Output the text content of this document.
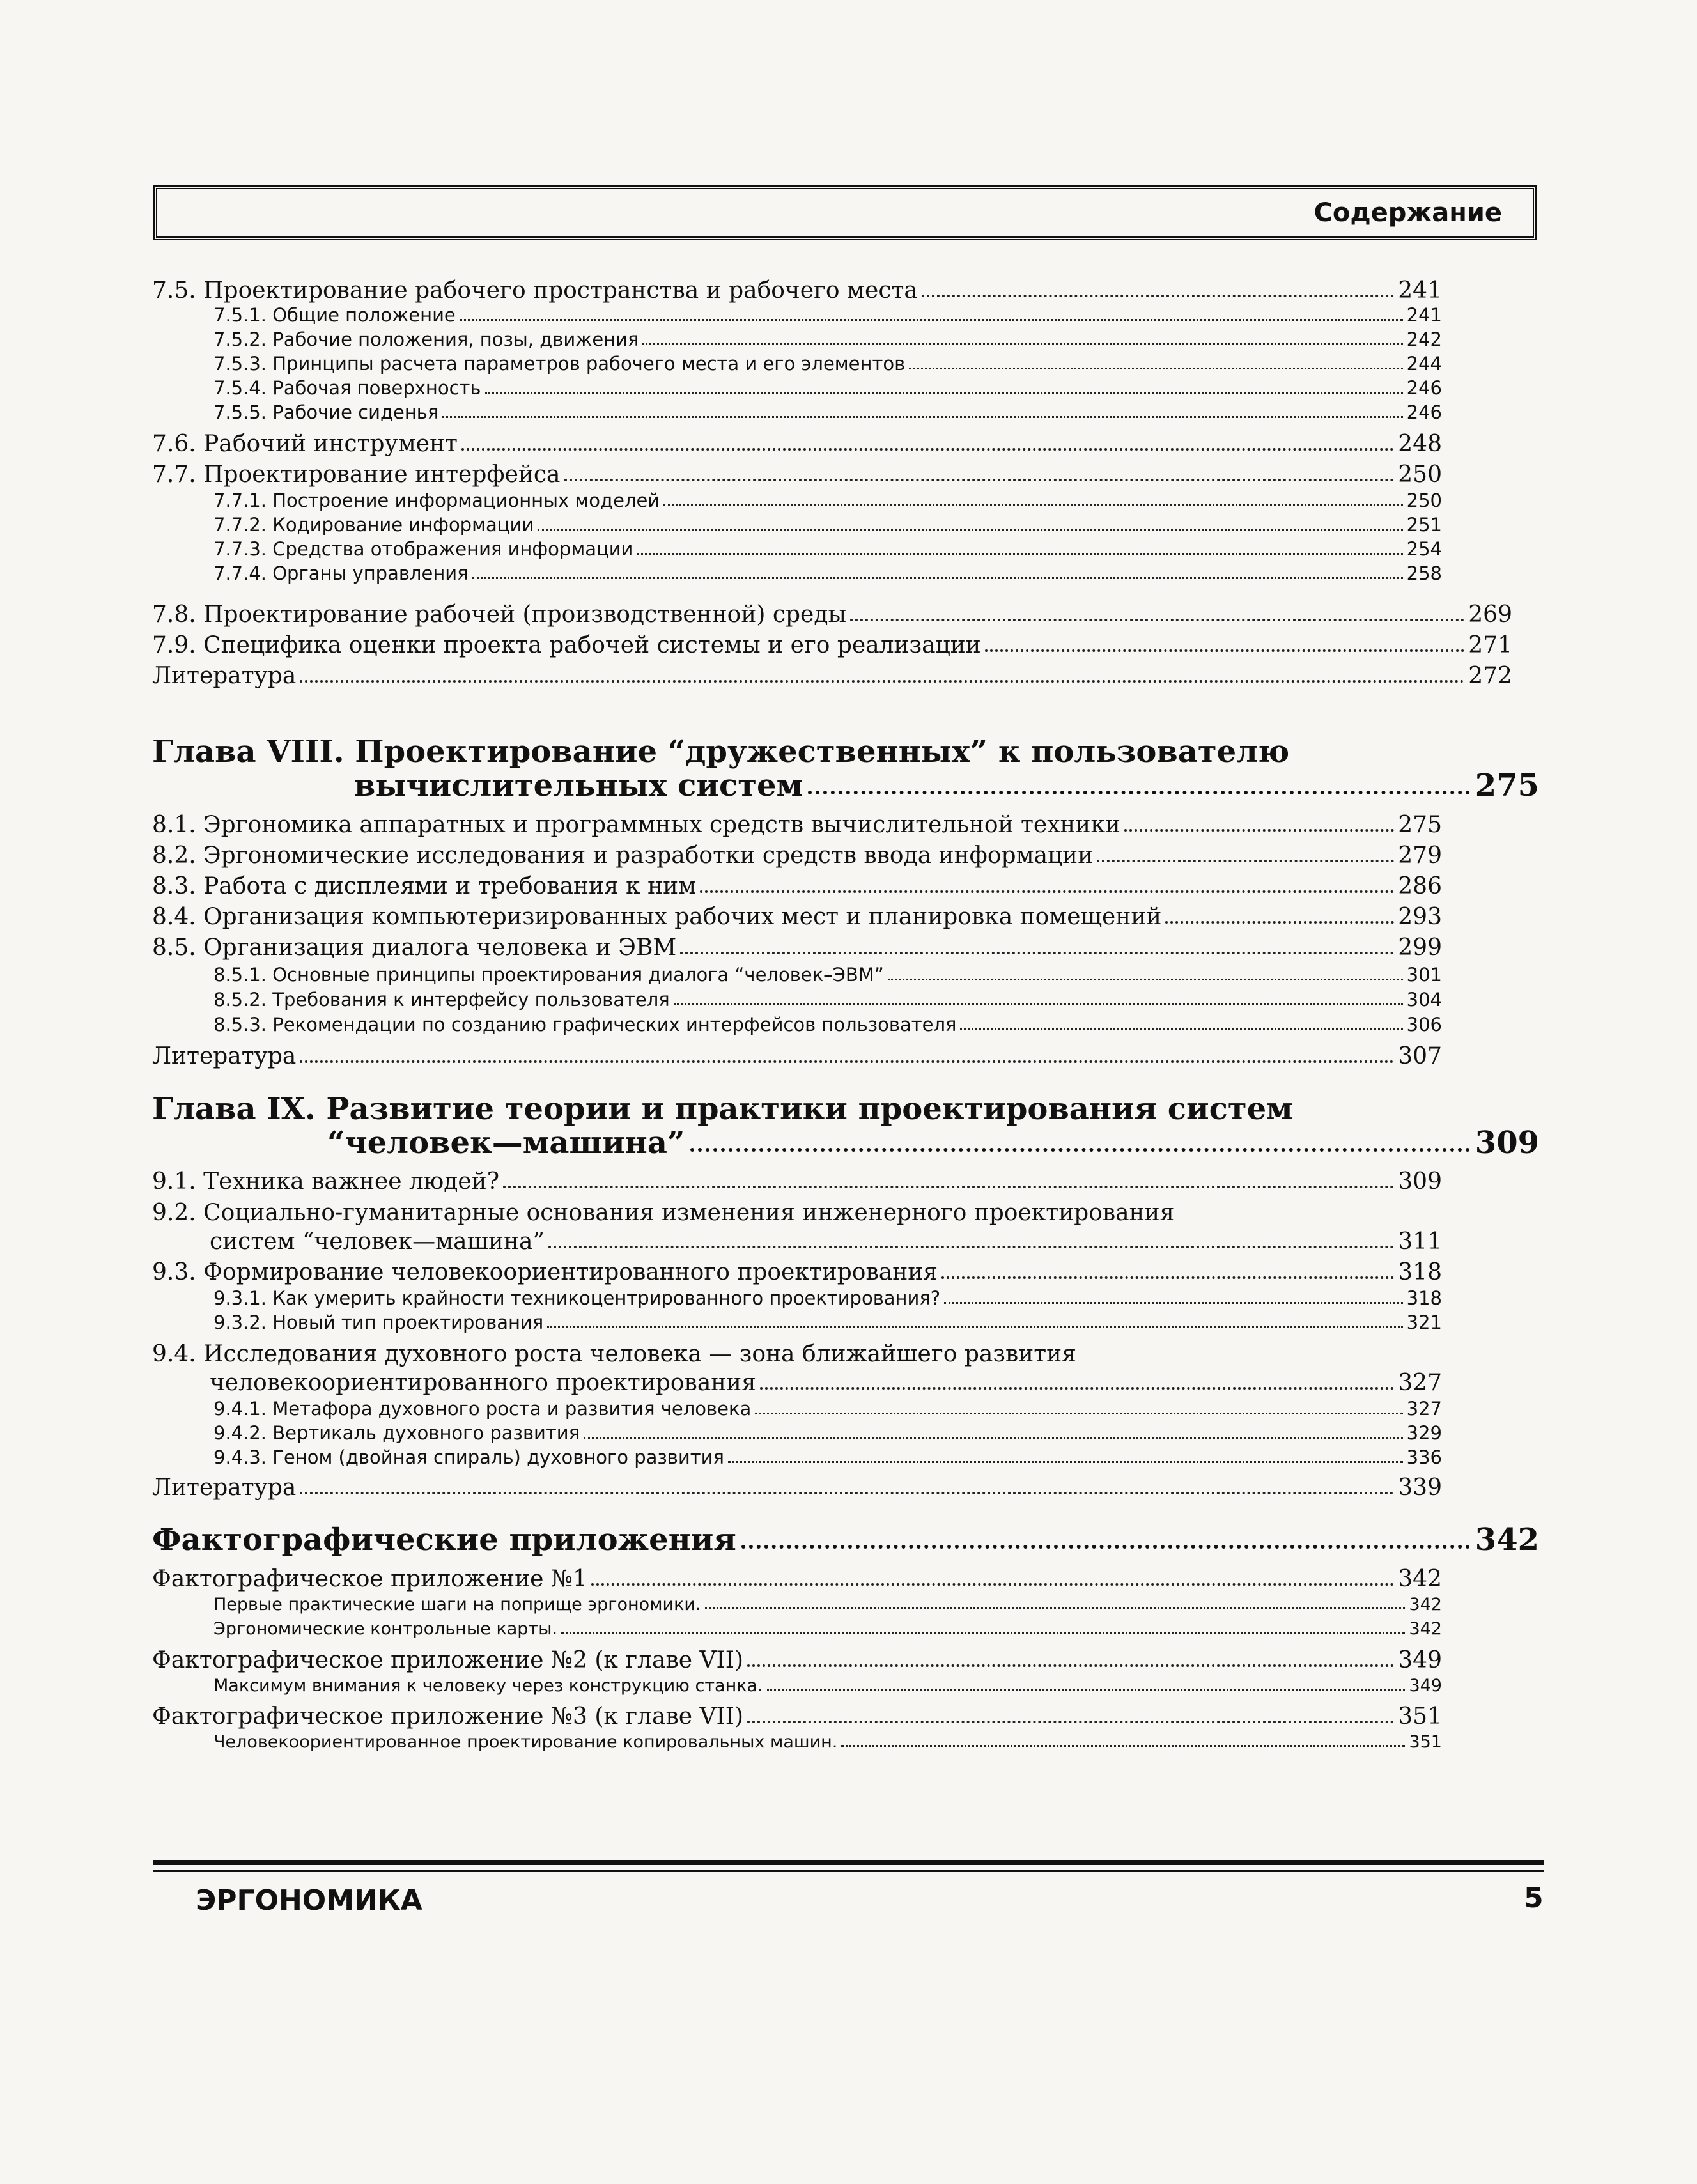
Содержание
7.5. Проектирование рабочего пространства и рабочего места	241
7.5.1. Общие положение	241
7.5.2. Рабочие положения, позы, движения	242
7.5.3. Принципы расчета параметров рабочего места и его элементов	244
7.5.4. Рабочая поверхность	246
7.5.5. Рабочие сиденья	246
7.6. Рабочий инструмент	248
7.7. Проектирование интерфейса	250
7.7.1. Построение информационных моделей	250
7.7.2. Кодирование информации	251
7.7.3. Средства отображения информации	254
7.7.4. Органы управления	258
7.8. Проектирование рабочей (производственной) среды	269
7.9. Специфика оценки проекта рабочей системы и его реализации	271
Литература	272
Глава VIII. Проектирование “дружественных” к пользователю
вычислительных систем	275
8.1. Эргономика аппаратных и программных средств вычислительной техники	275
8.2. Эргономические исследования и разработки средств ввода информации	279
8.3. Работа с дисплеями и требования к ним	286
8.4. Организация компьютеризированных рабочих мест и планировка помещений	293
8.5. Организация диалога человека и ЭВМ	299
8.5.1. Основные принципы проектирования диалога “человек–ЭВМ”	301
8.5.2. Требования к интерфейсу пользователя	304
8.5.3. Рекомендации по созданию графических интерфейсов пользователя	306
Литература	307
Глава IX. Развитие теории и практики проектирования систем
“человек—машина”	309
9.1. Техника важнее людей?	309
9.2. Социально-гуманитарные основания изменения инженерного проектирования
систем “человек—машина”	311
9.3. Формирование человекоориентированного проектирования	318
9.3.1. Как умерить крайности техникоцентрированного проектирования?	318
9.3.2. Новый тип проектирования	321
9.4. Исследования духовного роста человека — зона ближайшего развития
человекоориентированного проектирования	327
9.4.1. Метафора духовного роста и развития человека	327
9.4.2. Вертикаль духовного развития	329
9.4.3. Геном (двойная спираль) духовного развития	336
Литература	339
Фактографические приложения	342
Фактографическое приложение №1	342
Первые практические шаги на поприще эргономики.	342
Эргономические контрольные карты.	342
Фактографическое приложение №2 (к главе VII)	349
Максимум внимания к человеку через конструкцию станка.	349
Фактографическое приложение №3 (к главе VII)	351
Человекоориентированное проектирование копировальных машин.	351
ЭРГОНОМИКА	5
